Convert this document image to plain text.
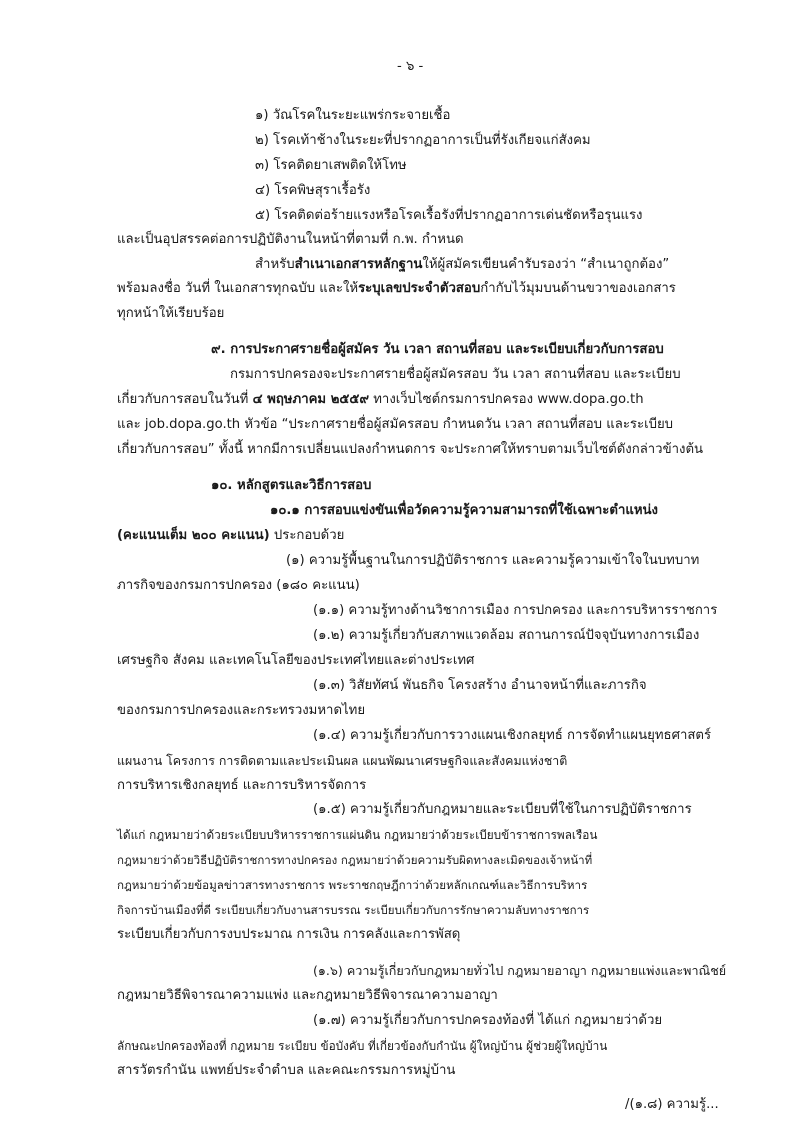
- ๖ -
๑) วัณโรคในระยะแพร่กระจายเชื้อ
๒) โรคเท้าช้างในระยะที่ปรากฏอาการเป็นที่รังเกียจแก่สังคม
๓) โรคติดยาเสพติดให้โทษ
๔) โรคพิษสุราเรื้อรัง
๕) โรคติดต่อร้ายแรงหรือโรคเรื้อรังที่ปรากฏอาการเด่นชัดหรือรุนแรง
และเป็นอุปสรรคต่อการปฏิบัติงานในหน้าที่ตามที่ ก.พ. กำหนด
สำหรับสำเนาเอกสารหลักฐานให้ผู้สมัครเขียนคำรับรองว่า “สำเนาถูกต้อง”
พร้อมลงชื่อ วันที่ ในเอกสารทุกฉบับ และให้ระบุเลขประจำตัวสอบกำกับไว้มุมบนด้านขวาของเอกสาร
ทุกหน้าให้เรียบร้อย
๙. การประกาศรายชื่อผู้สมัคร วัน เวลา สถานที่สอบ และระเบียบเกี่ยวกับการสอบ
กรมการปกครองจะประกาศรายชื่อผู้สมัครสอบ วัน เวลา สถานที่สอบ และระเบียบ
เกี่ยวกับการสอบในวันที่ ๔ พฤษภาคม ๒๕๕๙ ทางเว็บไซต์กรมการปกครอง www.dopa.go.th
และ job.dopa.go.th หัวข้อ “ประกาศรายชื่อผู้สมัครสอบ กำหนดวัน เวลา สถานที่สอบ และระเบียบ
เกี่ยวกับการสอบ” ทั้งนี้ หากมีการเปลี่ยนแปลงกำหนดการ จะประกาศให้ทราบตามเว็บไซต์ดังกล่าวข้างต้น
๑๐. หลักสูตรและวิธีการสอบ
๑๐.๑ การสอบแข่งขันเพื่อวัดความรู้ความสามารถที่ใช้เฉพาะตำแหน่ง
(คะแนนเต็ม ๒๐๐ คะแนน) ประกอบด้วย
(๑) ความรู้พื้นฐานในการปฏิบัติราชการ และความรู้ความเข้าใจในบทบาท
ภารกิจของกรมการปกครอง (๑๘๐ คะแนน)
(๑.๑) ความรู้ทางด้านวิชาการเมือง การปกครอง และการบริหารราชการ
(๑.๒) ความรู้เกี่ยวกับสภาพแวดล้อม สถานการณ์ปัจจุบันทางการเมือง
เศรษฐกิจ สังคม และเทคโนโลยีของประเทศไทยและต่างประเทศ
(๑.๓) วิสัยทัศน์ พันธกิจ โครงสร้าง อำนาจหน้าที่และภารกิจ
ของกรมการปกครองและกระทรวงมหาดไทย
(๑.๔) ความรู้เกี่ยวกับการวางแผนเชิงกลยุทธ์ การจัดทำแผนยุทธศาสตร์
แผนงาน โครงการ การติดตามและประเมินผล แผนพัฒนาเศรษฐกิจและสังคมแห่งชาติ
การบริหารเชิงกลยุทธ์ และการบริหารจัดการ
(๑.๕) ความรู้เกี่ยวกับกฎหมายและระเบียบที่ใช้ในการปฏิบัติราชการ
ได้แก่ กฎหมายว่าด้วยระเบียบบริหารราชการแผ่นดิน กฎหมายว่าด้วยระเบียบข้าราชการพลเรือน
กฎหมายว่าด้วยวิธีปฏิบัติราชการทางปกครอง กฎหมายว่าด้วยความรับผิดทางละเมิดของเจ้าหน้าที่
กฎหมายว่าด้วยข้อมูลข่าวสารทางราชการ พระราชกฤษฎีกาว่าด้วยหลักเกณฑ์และวิธีการบริหาร
กิจการบ้านเมืองที่ดี ระเบียบเกี่ยวกับงานสารบรรณ ระเบียบเกี่ยวกับการรักษาความลับทางราชการ
ระเบียบเกี่ยวกับการงบประมาณ การเงิน การคลังและการพัสดุ
(๑.๖) ความรู้เกี่ยวกับกฎหมายทั่วไป กฎหมายอาญา กฎหมายแพ่งและพาณิชย์
กฎหมายวิธีพิจารณาความแพ่ง และกฎหมายวิธีพิจารณาความอาญา
(๑.๗) ความรู้เกี่ยวกับการปกครองท้องที่ ได้แก่ กฎหมายว่าด้วย
ลักษณะปกครองท้องที่ กฎหมาย ระเบียบ ข้อบังคับ ที่เกี่ยวข้องกับกำนัน ผู้ใหญ่บ้าน ผู้ช่วยผู้ใหญ่บ้าน
สารวัตรกำนัน แพทย์ประจำตำบล และคณะกรรมการหมู่บ้าน
/(๑.๘) ความรู้...
